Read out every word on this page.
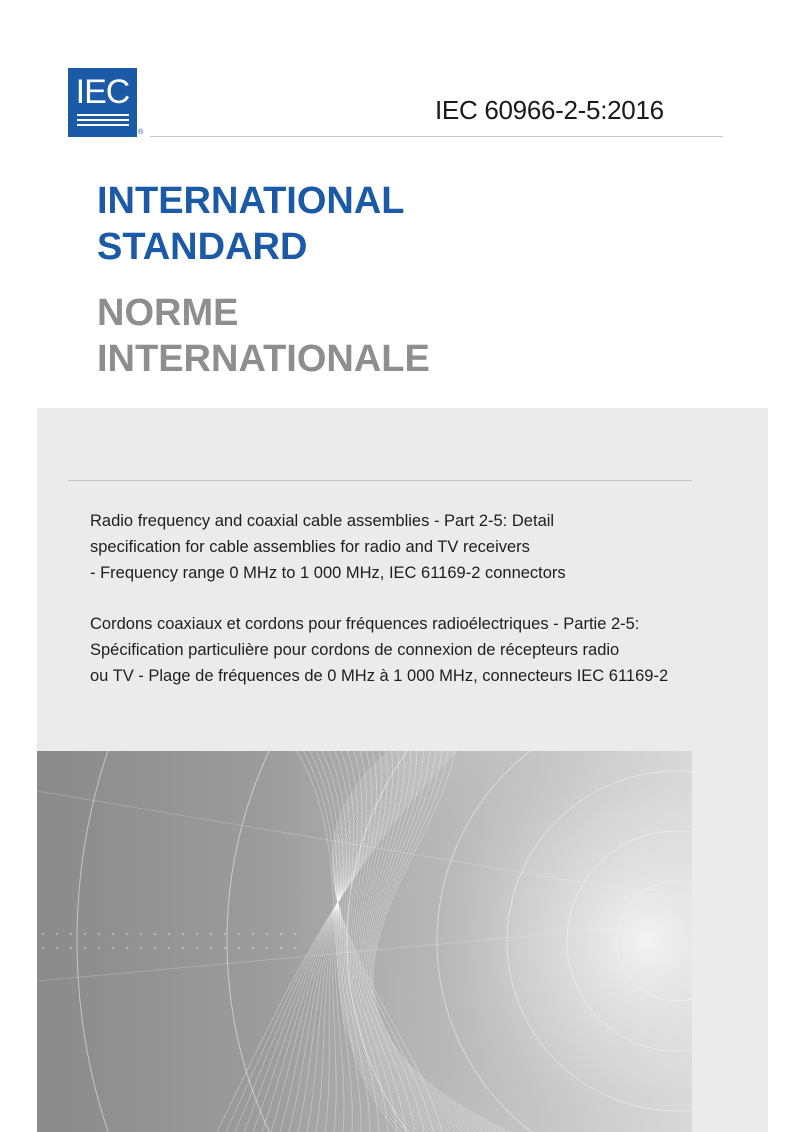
IEC
®
IEC 60966-2-5:2016
INTERNATIONAL
STANDARD
NORME
INTERNATIONALE
Radio frequency and coaxial cable assemblies - Part 2-5: Detail
specification for cable assemblies for radio and TV receivers
- Frequency range 0 MHz to 1 000 MHz, IEC 61169-2 connectors
Cordons coaxiaux et cordons pour fréquences radioélectriques - Partie 2-5:
Spécification particulière pour cordons de connexion de récepteurs radio
ou TV - Plage de fréquences de 0 MHz à 1 000 MHz, connecteurs IEC 61169-2
